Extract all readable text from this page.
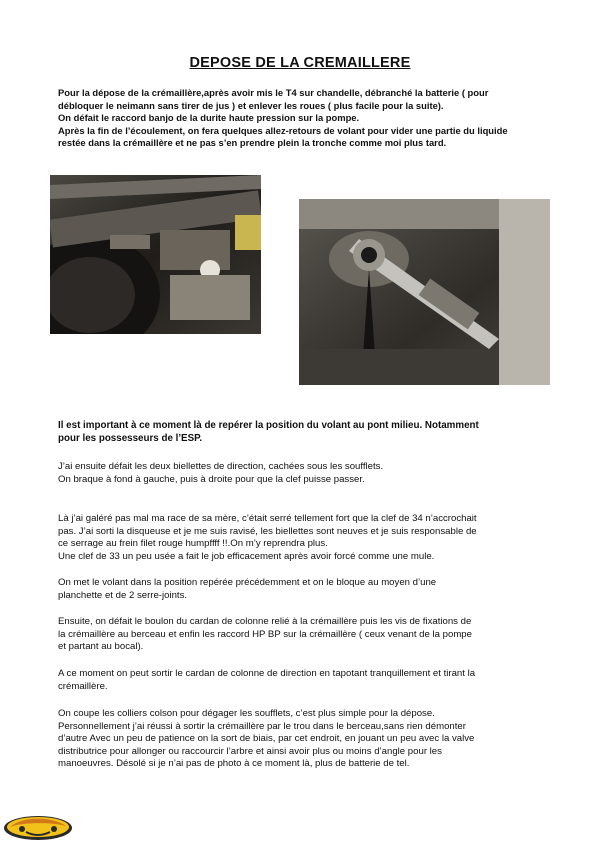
DEPOSE DE LA CREMAILLERE

Pour la dépose de la crémaillère,après avoir mis le T4 sur chandelle, débranché la batterie ( pour

débloquer le neimann sans tirer de jus ) et enlever les roues ( plus facile pour la suite).

On défait le raccord banjo de la durite haute pression sur la pompe.

Après la fin de l’écoulement, on fera quelques allez-retours de volant pour vider une partie du liquide

restée dans la crémaillère et ne pas s’en prendre plein la tronche comme moi plus tard.

Il est important à ce moment là de repérer la position du volant au pont milieu. Notamment

pour les possesseurs de l’ESP.

J’ai ensuite défait les deux biellettes de direction, cachées sous les soufflets.

On braque à fond à gauche, puis à droite pour que la clef puisse passer.

Là j’ai galéré pas mal ma race de sa mère, c’était serré tellement fort que la clef de 34 n’accrochait

pas. J’ai sorti la disqueuse et je me suis ravisé, les biellettes sont neuves et je suis responsable de

ce serrage au frein filet rouge humpffff !!.On m’y reprendra plus.

Une clef de 33 un peu usée a fait le job efficacement après avoir forcé comme une mule.

On met le volant dans la position repérée précédemment et on le bloque au moyen d’une

planchette et de 2 serre-joints.

Ensuite, on défait le boulon du cardan de colonne relié à la crémaillère puis les vis de fixations de

la crémaillère au berceau et enfin les raccord HP BP sur la crémaillère ( ceux venant de la pompe

et partant au bocal).

A ce moment on peut sortir le cardan de colonne de direction en tapotant tranquillement et tirant la

crémaillère.

On coupe les colliers colson pour dégager les soufflets, c’est plus simple pour la dépose.

Personnellement j’ai réussi à sortir la crémaillère par le trou dans le berceau,sans rien démonter

d’autre Avec un peu de patience on la sort de biais, par cet endroit, en jouant un peu avec la valve

distributrice pour allonger ou raccourcir l’arbre et ainsi avoir plus ou moins d’angle pour les

manoeuvres. Désolé si je n’ai pas de photo à ce moment là, plus de batterie de tel.
